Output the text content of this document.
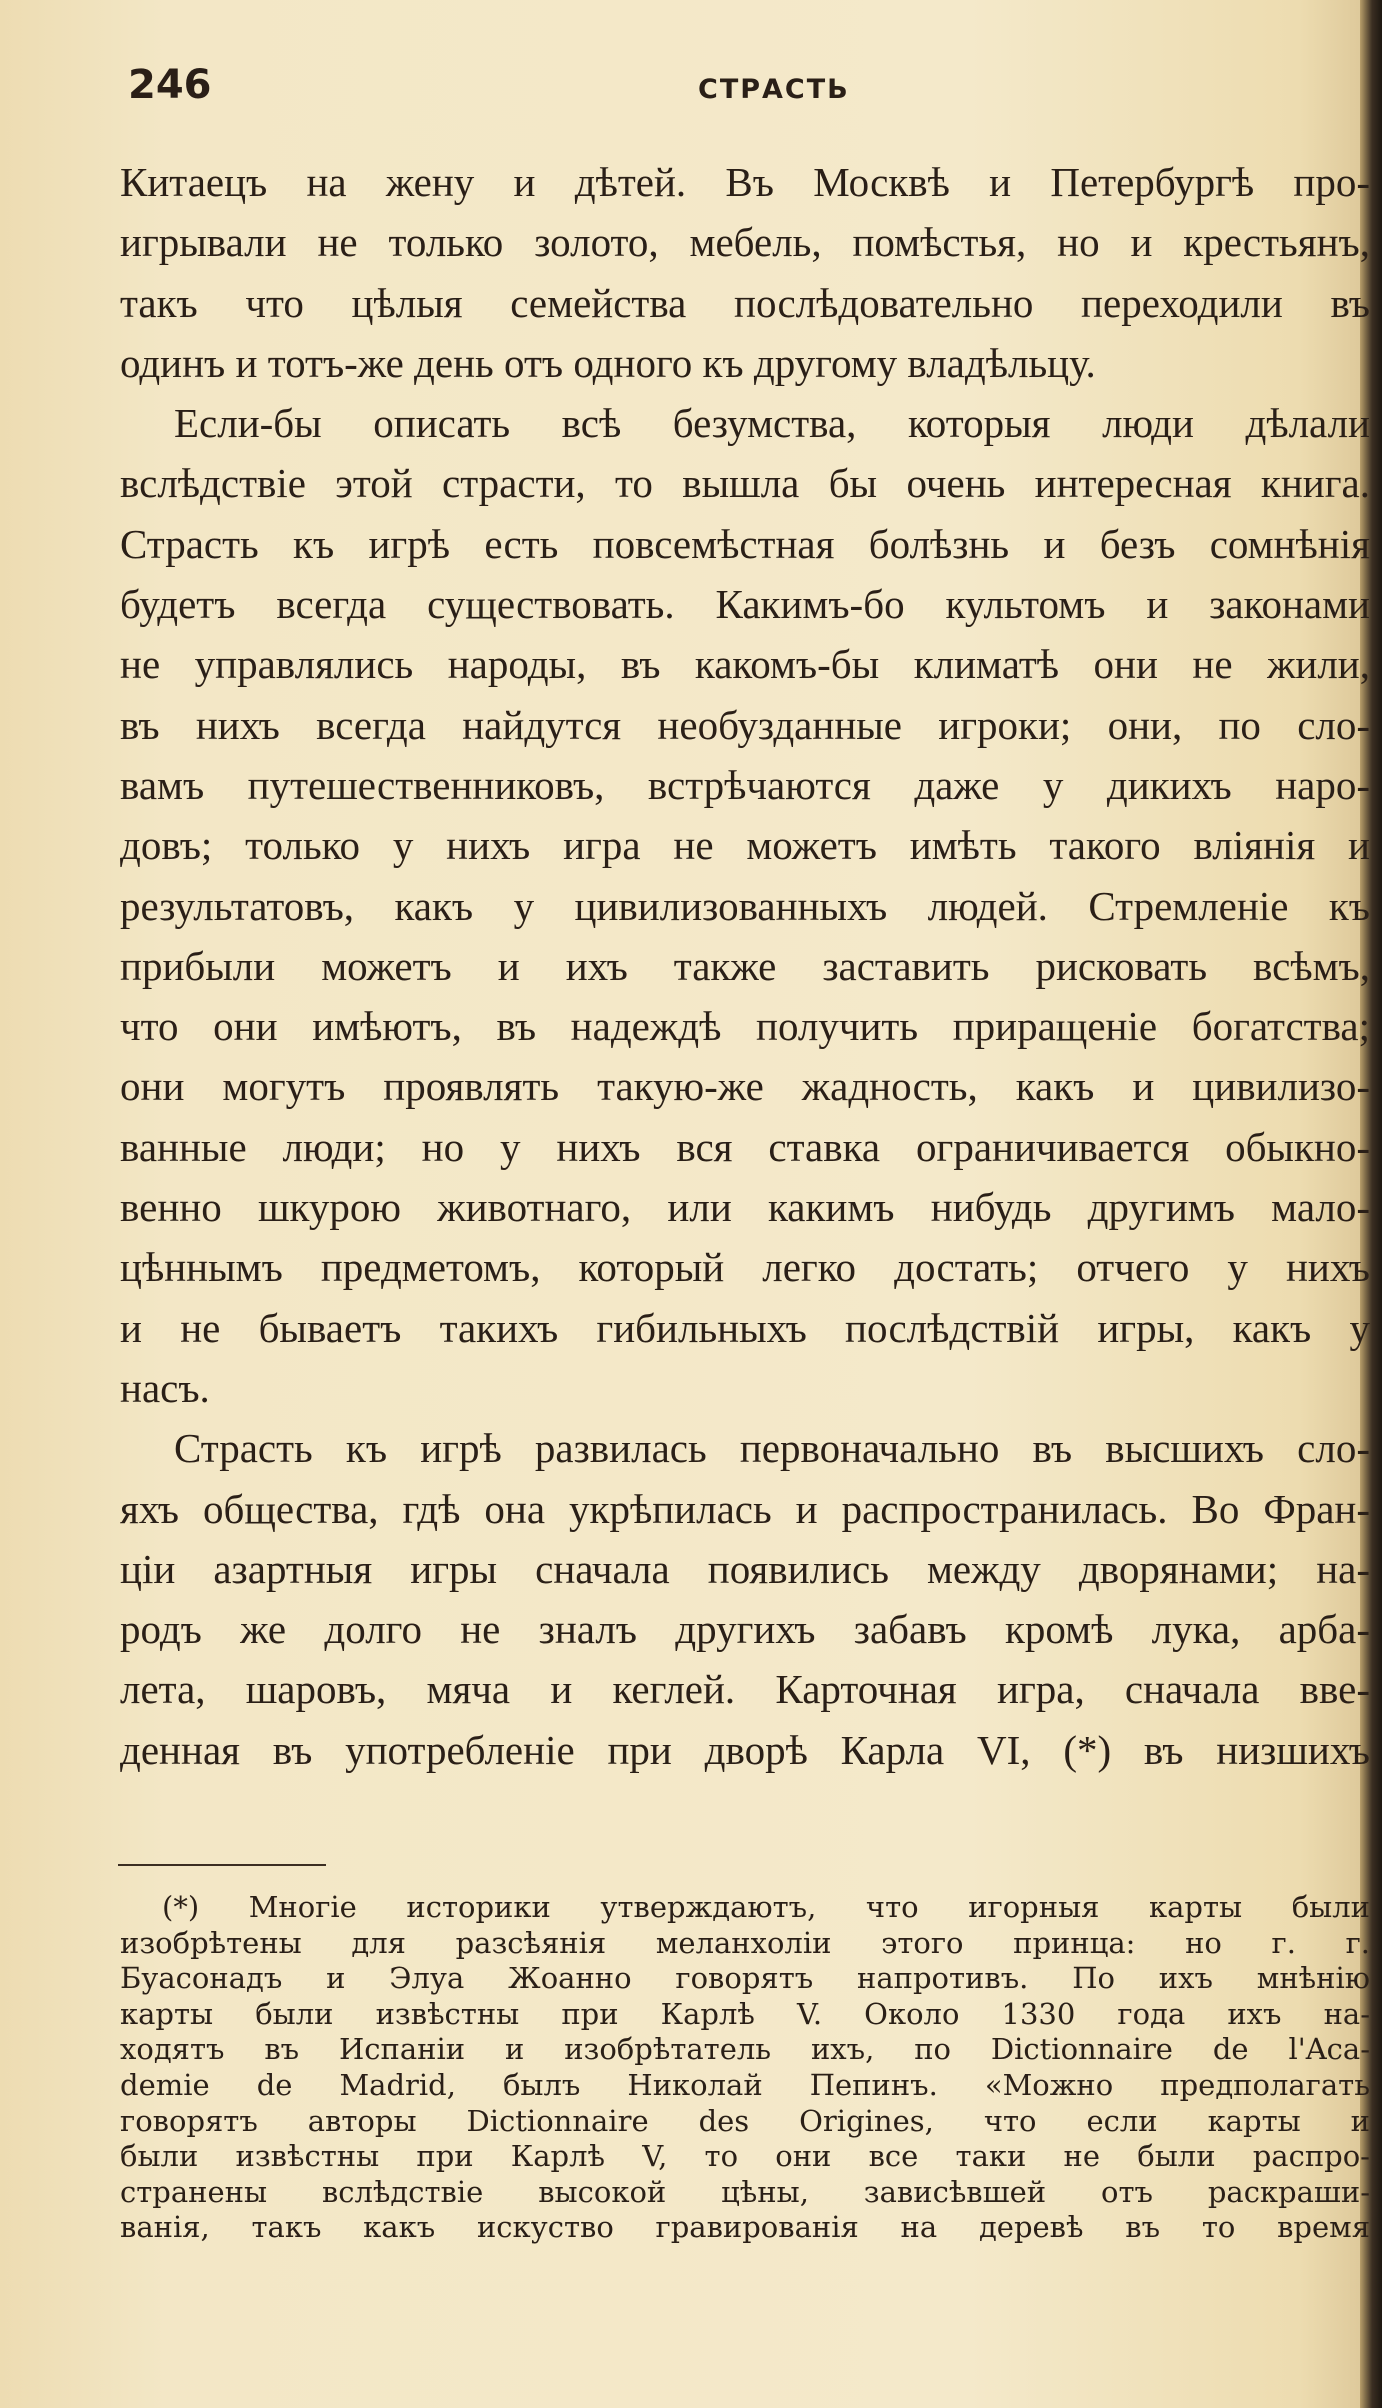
246	СТРАСТЬ
Китаецъ на жену и дѣтей. Въ Москвѣ и Петербургѣ про-
игрывали не только золото, мебель, помѣстья, но и крестьянъ,
такъ что цѣлыя семейства послѣдовательно переходили въ
одинъ и тотъ-же день отъ одного къ другому владѣльцу.
Если-бы описать всѣ безумства, которыя люди дѣлали
вслѣдствіе этой страсти, то вышла бы очень интересная книга.
Страсть къ игрѣ есть повсемѣстная болѣзнь и безъ сомнѣнія
будетъ всегда существовать. Какимъ-бо культомъ и законами
не управлялись народы, въ какомъ-бы климатѣ они не жили,
въ нихъ всегда найдутся необузданные игроки; они, по сло-
вамъ путешественниковъ, встрѣчаются даже у дикихъ наро-
довъ; только у нихъ игра не можетъ имѣть такого вліянія и
результатовъ, какъ у цивилизованныхъ людей. Стремленіе къ
прибыли можетъ и ихъ также заставить рисковать всѣмъ,
что они имѣютъ, въ надеждѣ получить приращеніе богатства;
они могутъ проявлять такую-же жадность, какъ и цивилизо-
ванные люди; но у нихъ вся ставка ограничивается обыкно-
венно шкурою животнаго, или какимъ нибудь другимъ мало-
цѣннымъ предметомъ, который легко достать; отчего у нихъ
и не бываетъ такихъ гибильныхъ послѣдствій игры, какъ у
насъ.
Страсть къ игрѣ развилась первоначально въ высшихъ сло-
яхъ общества, гдѣ она укрѣпилась и распространилась. Во Фран-
ціи азартныя игры сначала появились между дворянами; на-
родъ же долго не зналъ другихъ забавъ кромѣ лука, арба-
лета, шаровъ, мяча и кеглей. Карточная игра, сначала вве-
денная въ употребленіе при дворѣ Карла VI, (*) въ низшихъ
(*) Многіе историки утверждаютъ, что игорныя карты были
изобрѣтены для разсѣянія меланхоліи этого принца: но г. г.
Буасонадъ и Элуа Жоанно говорятъ напротивъ. По ихъ мнѣнію
карты были извѣстны при Карлѣ V. Около 1330 года ихъ на-
ходятъ въ Испаніи и изобрѣтатель ихъ, по Dictionnaire de l'Aca-
demie de Madrid, былъ Николай Пепинъ. «Можно предполагать
говорятъ авторы Dictionnaire des Origines, что если карты и
были извѣстны при Карлѣ V, то они все таки не были распро-
странены вслѣдствіе высокой цѣны, зависѣвшей отъ раскраши-
ванія, такъ какъ искуство гравированія на деревѣ въ то время
